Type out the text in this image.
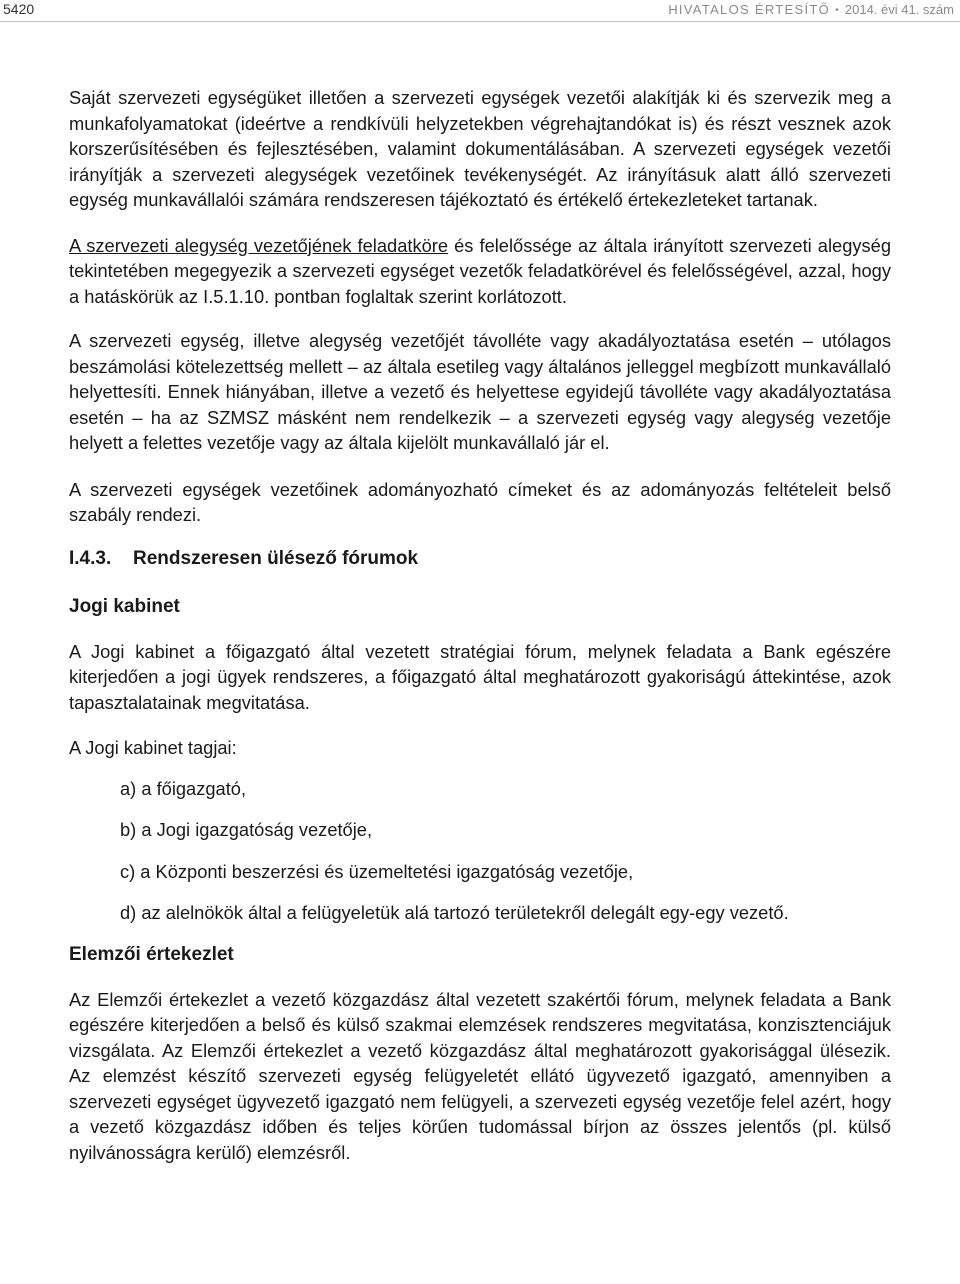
5420	HIVATALOS ÉRTESÍTŐ • 2014. évi 41. szám

Saját szervezeti egységüket illetően a szervezeti egységek vezetői alakítják ki és szervezik meg a munkafolyamatokat (ideértve a rendkívüli helyzetekben végrehajtandókat is) és részt vesznek azok korszerűsítésében és fejlesztésében, valamint dokumentálásában. A szervezeti egységek vezetői irányítják a szervezeti alegységek vezetőinek tevékenységét. Az irányításuk alatt álló szervezeti egység munkavállalói számára rendszeresen tájékoztató és értékelő értekezleteket tartanak.

A szervezeti alegység vezetőjének feladatköre és felelőssége az általa irányított szervezeti alegység tekintetében megegyezik a szervezeti egységet vezetők feladatkörével és felelősségével, azzal, hogy a hatáskörük az I.5.1.10. pontban foglaltak szerint korlátozott.

A szervezeti egység, illetve alegység vezetőjét távolléte vagy akadályoztatása esetén – utólagos beszámolási kötelezettség mellett – az általa esetileg vagy általános jelleggel megbízott munkavállaló helyettesíti. Ennek hiányában, illetve a vezető és helyettese egyidejű távolléte vagy akadályoztatása esetén – ha az SZMSZ másként nem rendelkezik – a szervezeti egység vagy alegység vezetője helyett a felettes vezetője vagy az általa kijelölt munkavállaló jár el.

A szervezeti egységek vezetőinek adományozható címeket és az adományozás feltételeit belső szabály rendezi.

I.4.3. Rendszeresen ülésező fórumok
Jogi kabinet

A Jogi kabinet a főigazgató által vezetett stratégiai fórum, melynek feladata a Bank egészére kiterjedően a jogi ügyek rendszeres, a főigazgató által meghatározott gyakoriságú áttekintése, azok tapasztalatainak megvitatása.

A Jogi kabinet tagjai:

a) a főigazgató,
b) a Jogi igazgatóság vezetője,
c) a Központi beszerzési és üzemeltetési igazgatóság vezetője,
d) az alelnökök által a felügyeletük alá tartozó területekről delegált egy-egy vezető.
Elemzői értekezlet

Az Elemzői értekezlet a vezető közgazdász által vezetett szakértői fórum, melynek feladata a Bank egészére kiterjedően a belső és külső szakmai elemzések rendszeres megvitatása, konzisztenciájuk vizsgálata. Az Elemzői értekezlet a vezető közgazdász által meghatározott gyakorisággal ülésezik. Az elemzést készítő szervezeti egység felügyeletét ellátó ügyvezető igazgató, amennyiben a szervezeti egységet ügyvezető igazgató nem felügyeli, a szervezeti egység vezetője felel azért, hogy a vezető közgazdász időben és teljes körűen tudomással bírjon az összes jelentős (pl. külső nyilvánosságra kerülő) elemzésről.
